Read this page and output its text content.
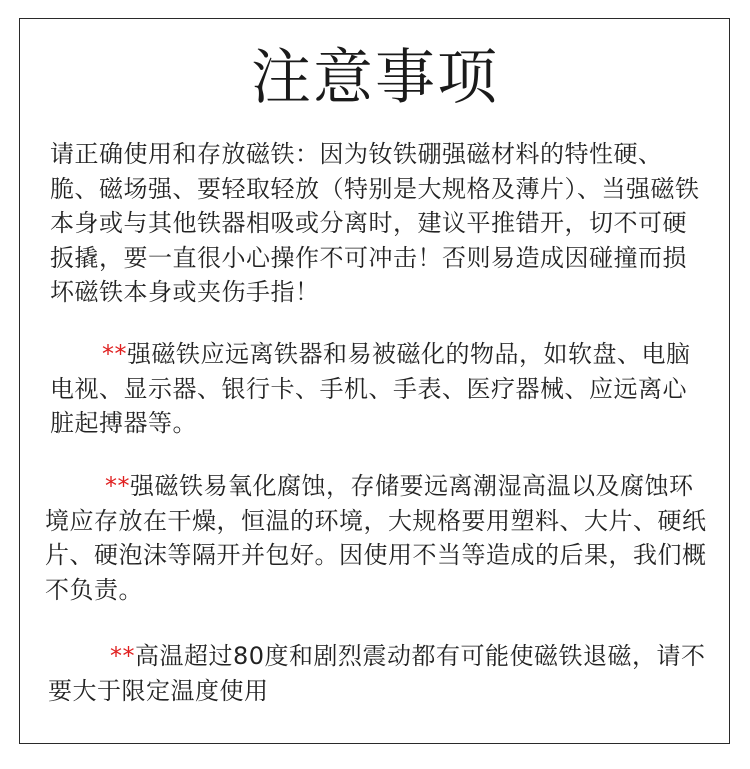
注意事项

请正确使用和存放磁铁：因为钕铁硼强磁材料的特性硬、脆、磁场强、要轻取轻放（特别是大规格及薄片）、当强磁铁本身或与其他铁器相吸或分离时，建议平推错开，切不可硬扳撬，要一直很小心操作不可冲击！否则易造成因碰撞而损坏磁铁本身或夹伤手指！

**强磁铁应远离铁器和易被磁化的物品，如软盘、电脑电视、显示器、银行卡、手机、手表、医疗器械、应远离心脏起搏器等。

**强磁铁易氧化腐蚀，存储要远离潮湿高温以及腐蚀环境应存放在干燥，恒温的环境，大规格要用塑料、大片、硬纸片、硬泡沫等隔开并包好。因使用不当等造成的后果，我们概不负责。

**高温超过80度和剧烈震动都有可能使磁铁退磁，请不要大于限定温度使用
